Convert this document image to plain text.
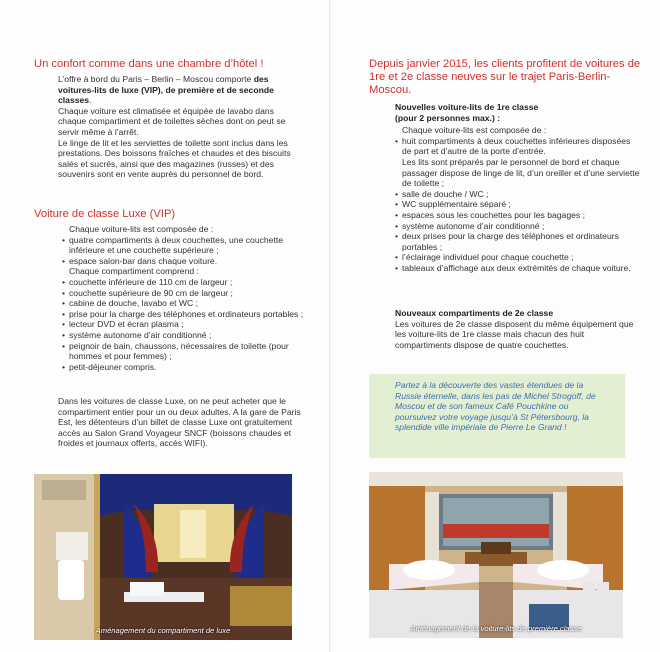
Un confort comme dans une chambre d’hôtel !

L’offre à bord du Paris – Berlin – Moscou comporte des voitures-lits de luxe (VIP), de première et de seconde classes.

Chaque voiture est climatisée et équipée de lavabo dans chaque compartiment et de toilettes sèches dont on peut se servir même à l’arrêt.

Le linge de lit et les serviettes de toilette sont inclus dans les prestations. Des boissons fraîches et chaudes et des biscuits salés et sucrés, ainsi que des magazines (russes) et des souvenirs sont en vente auprès du personnel de bord.

Voiture de classe Luxe (VIP)

Chaque voiture-lits est composée de :

• quatre compartiments à deux couchettes, une couchette inférieure et une couchette supérieure ;
• espace salon-bar dans chaque voiture.

Chaque compartiment comprend :

• couchette inférieure de 110 cm de largeur ;
• couchette supérieure de 90 cm de largeur ;
• cabine de douche, lavabo et WC ;
• prise pour la charge des téléphones et ordinateurs portables ;
• lecteur DVD et écran plasma ;
• système autonome d’air conditionné ;
• peignoir de bain, chaussons, nécessaires de toilette (pour hommes et pour femmes) ;
• petit-déjeuner compris.

Dans les voitures de classe Luxe, on ne peut acheter que le compartiment entier pour un ou deux adultes. A la gare de Paris Est, les détenteurs d’un billet de classe Luxe ont gratuitement accès au Salon Grand Voyageur SNCF (boissons chaudes et froides et journaux offerts, accès WIFI).

Aménagement du compartiment de luxe
Depuis janvier 2015, les clients profitent de voitures de 1re et 2e classe neuves sur le trajet Paris-Berlin-Moscou.

Nouvelles voiture-lits de 1re classe

(pour 2 personnes max.) :

Chaque voiture-lits est composée de :

• huit compartiments à deux couchettes inférieures disposées de part et d’autre de la porte d’entrée.
Les lits sont préparés par le personnel de bord et chaque passager dispose de linge de lit, d’un oreiller et d’une serviette de toilette ;
• salle de douche / WC ;
• WC supplémentaire séparé ;
• espaces sous les couchettes pour les bagages ;
• système autonome d’air conditionné ;
• deux prises pour la charge des téléphones et ordinateurs portables ;
• l’éclairage individuel pour chaque couchette ;
• tableaux d’affichage aux deux extrémités de chaque voiture.

Nouveaux compartiments de 2e classe

Les voitures de 2e classe disposent du même équipement que les voiture-lits de 1re classe mais chacun des huit compartiments dispose de quatre couchettes.

Partez à la découverte des vastes étendues de la Russie éternelle, dans les pas de Michel Strogoff, de Moscou et de son fameux Café Pouchkine ou poursuivez votre voyage jusqu’à St Pétersbourg, la splendide ville impériale de Pierre Le Grand !

Aménagement de la voiture-lits de première classe
